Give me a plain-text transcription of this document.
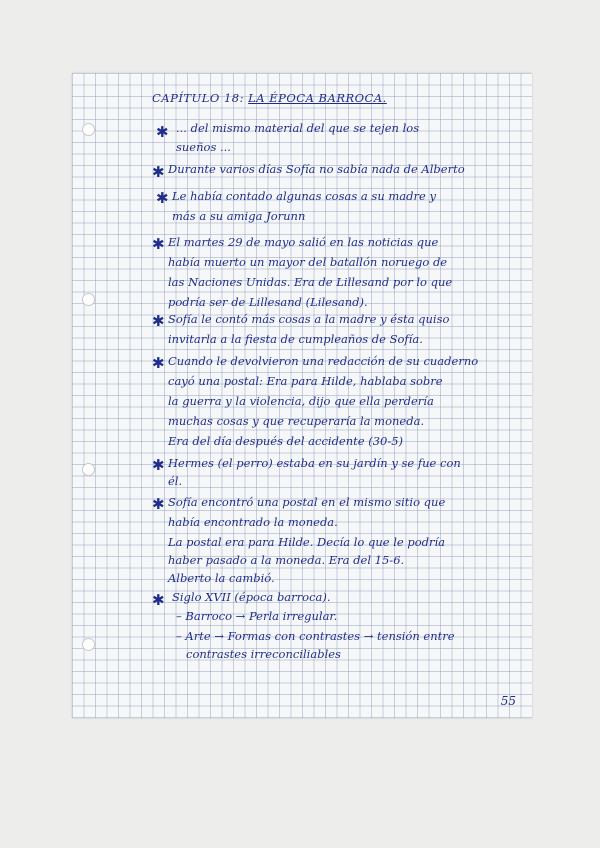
CAPÍTULO 18: LA ÉPOCA BARROCA.
✱ ... del mismo material del que se tejen los

sueños ...

✱ Durante varios días Sofía no sabía nada de Alberto

✱ Le había contado algunas cosas a su madre y

más a su amiga Jorunn

✱ El martes 29 de mayo salió en las noticias que

había muerto un mayor del batallón noruego de

las Naciones Unidas. Era de Lillesand por lo que

podría ser de Lillesand (Lilesand).

✱ Sofía le contó más cosas a la madre y ésta quiso

invitarla a la fiesta de cumpleaños de Sofía.

✱ Cuando le devolvieron una redacción de su cuaderno

cayó una postal: Era para Hilde, hablaba sobre

la guerra y la violencia, dijo que ella perdería

muchas cosas y que recuperaría la moneda.

Era del día después del accidente (30-5)

✱ Hermes (el perro) estaba en su jardín y se fue con

él.

✱ Sofía encontró una postal en el mismo sitio que

había encontrado la moneda.

La postal era para Hilde. Decía lo que le podría

haber pasado a la moneda. Era del 15-6.

Alberto la cambió.

✱ Siglo XVII (época barroca).

– Barroco → Perla irregular.

– Arte → Formas con contrastes → tensión entre

contrastes irreconciliables

55
